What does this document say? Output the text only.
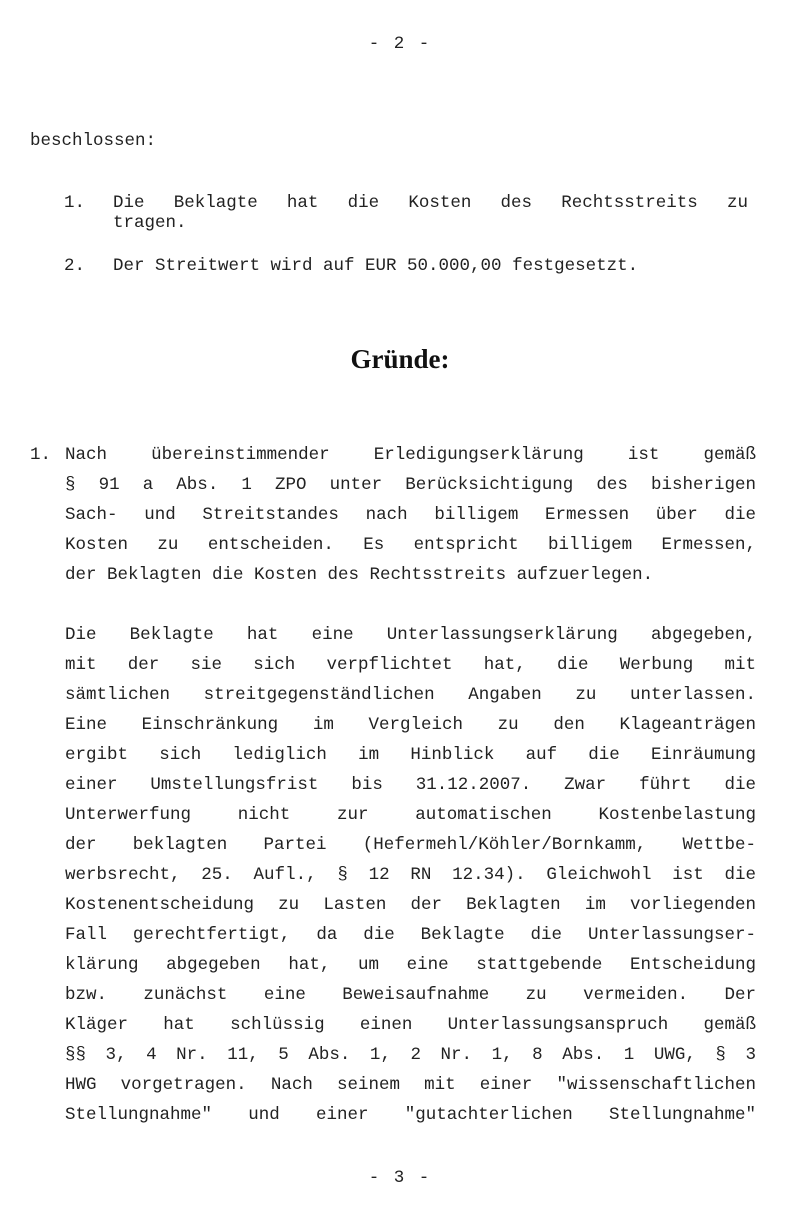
- 2 -
beschlossen:
1. Die Beklagte hat die Kosten des Rechtsstreits zu
tragen.
2. Der Streitwert wird auf EUR 50.000,00 festgesetzt.
Gründe:
1. Nach übereinstimmender Erledigungserklärung ist gemäß
§ 91 a Abs. 1 ZPO unter Berücksichtigung des bisherigen
Sach- und Streitstandes nach billigem Ermessen über die
Kosten zu entscheiden. Es entspricht billigem Ermessen,
der Beklagten die Kosten des Rechtsstreits aufzuerlegen.
Die Beklagte hat eine Unterlassungserklärung abgegeben,
mit der sie sich verpflichtet hat, die Werbung mit
sämtlichen streitgegenständlichen Angaben zu unterlassen.
Eine Einschränkung im Vergleich zu den Klageanträgen
ergibt sich lediglich im Hinblick auf die Einräumung
einer Umstellungsfrist bis 31.12.2007. Zwar führt die
Unterwerfung nicht zur automatischen Kostenbelastung
der beklagten Partei (Hefermehl/Köhler/Bornkamm, Wettbe-
werbsrecht, 25. Aufl., § 12 RN 12.34). Gleichwohl ist die
Kostenentscheidung zu Lasten der Beklagten im vorliegenden
Fall gerechtfertigt, da die Beklagte die Unterlassungser-
klärung abgegeben hat, um eine stattgebende Entscheidung
bzw. zunächst eine Beweisaufnahme zu vermeiden. Der
Kläger hat schlüssig einen Unterlassungsanspruch gemäß
§§ 3, 4 Nr. 11, 5 Abs. 1, 2 Nr. 1, 8 Abs. 1 UWG, § 3
HWG vorgetragen. Nach seinem mit einer "wissenschaftlichen
Stellungnahme" und einer "gutachterlichen Stellungnahme"
- 3 -
